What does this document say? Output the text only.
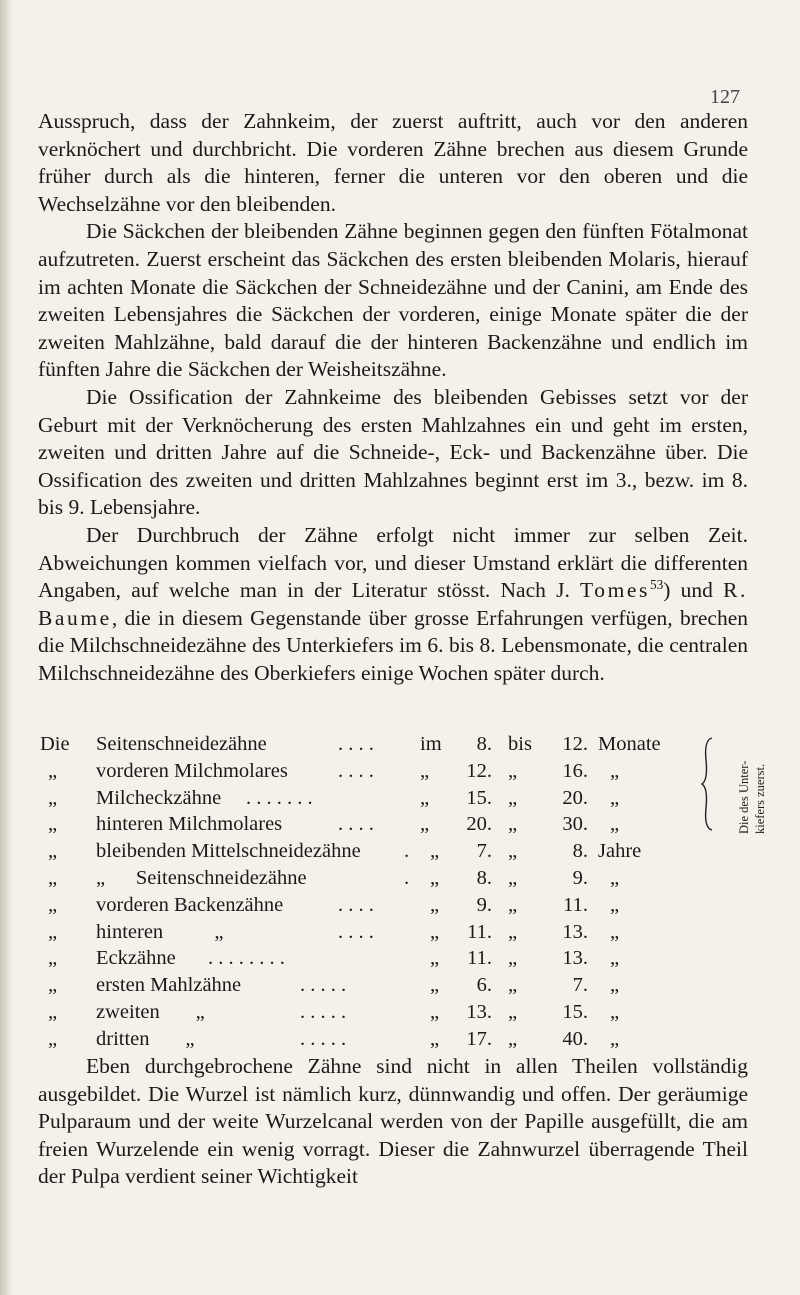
127

Ausspruch, dass der Zahnkeim, der zuerst auftritt, auch vor den anderen verknöchert und durchbricht. Die vorderen Zähne brechen aus diesem Grunde früher durch als die hinteren, ferner die unteren vor den oberen und die Wechselzähne vor den bleibenden.

Die Säckchen der bleibenden Zähne beginnen gegen den fünften Fötalmonat aufzutreten. Zuerst erscheint das Säckchen des ersten bleibenden Molaris, hierauf im achten Monate die Säckchen der Schneidezähne und der Canini, am Ende des zweiten Lebensjahres die Säckchen der vorderen, einige Monate später die der zweiten Mahlzähne, bald darauf die der hinteren Backenzähne und endlich im fünften Jahre die Säckchen der Weisheitszähne.

Die Ossification der Zahnkeime des bleibenden Gebisses setzt vor der Geburt mit der Verknöcherung des ersten Mahlzahnes ein und geht im ersten, zweiten und dritten Jahre auf die Schneide-, Eck- und Backenzähne über. Die Ossification des zweiten und dritten Mahlzahnes beginnt erst im 3., bezw. im 8. bis 9. Lebensjahre.

Der Durchbruch der Zähne erfolgt nicht immer zur selben Zeit. Abweichungen kommen vielfach vor, und dieser Umstand erklärt die differenten Angaben, auf welche man in der Literatur stösst. Nach J. Tomes$^{53}$) und R. Baume, die in diesem Gegenstande über grosse Erfahrungen verfügen, brechen die Milchschneidezähne des Unterkiefers im 6. bis 8. Lebensmonate, die centralen Milchschneidezähne des Oberkiefers einige Wochen später durch.

Die Seitenschneidezähne	. . . . im	8. bis	12. Monate
„ vorderen Milchmolares . . . . „	12. „	16. „
„ Milcheckzähne . . . . . . .	„	15. „	20. „
„ hinteren Milchmolares	. . . . „	20. „	30. „
„ bleibenden Mittelschneidezähne . „	7. „	8. Jahre
„ „      Seitenschneidezähne	. „	8. „	9. „
„ vorderen Backenzähne	. . . .	„	9. „	11. „
„ hinteren          „	. . . .	„	11. „	13. „
„ Eckzähne . . . . . . . .	„	11. „	13. „
„ ersten Mahlzähne	. . . . .	„	6. „	7. „
„ zweiten       „	. . . . .	„	13. „	15. „
„ dritten       „	. . . . .	„	17. „	40. „
Die des Unter- kiefers zuerst.

Eben durchgebrochene Zähne sind nicht in allen Theilen vollständig ausgebildet. Die Wurzel ist nämlich kurz, dünnwandig und offen. Der geräumige Pulparaum und der weite Wurzelcanal werden von der Papille ausgefüllt, die am freien Wurzelende ein wenig vorragt. Dieser die Zahnwurzel überragende Theil der Pulpa verdient seiner Wichtigkeit
